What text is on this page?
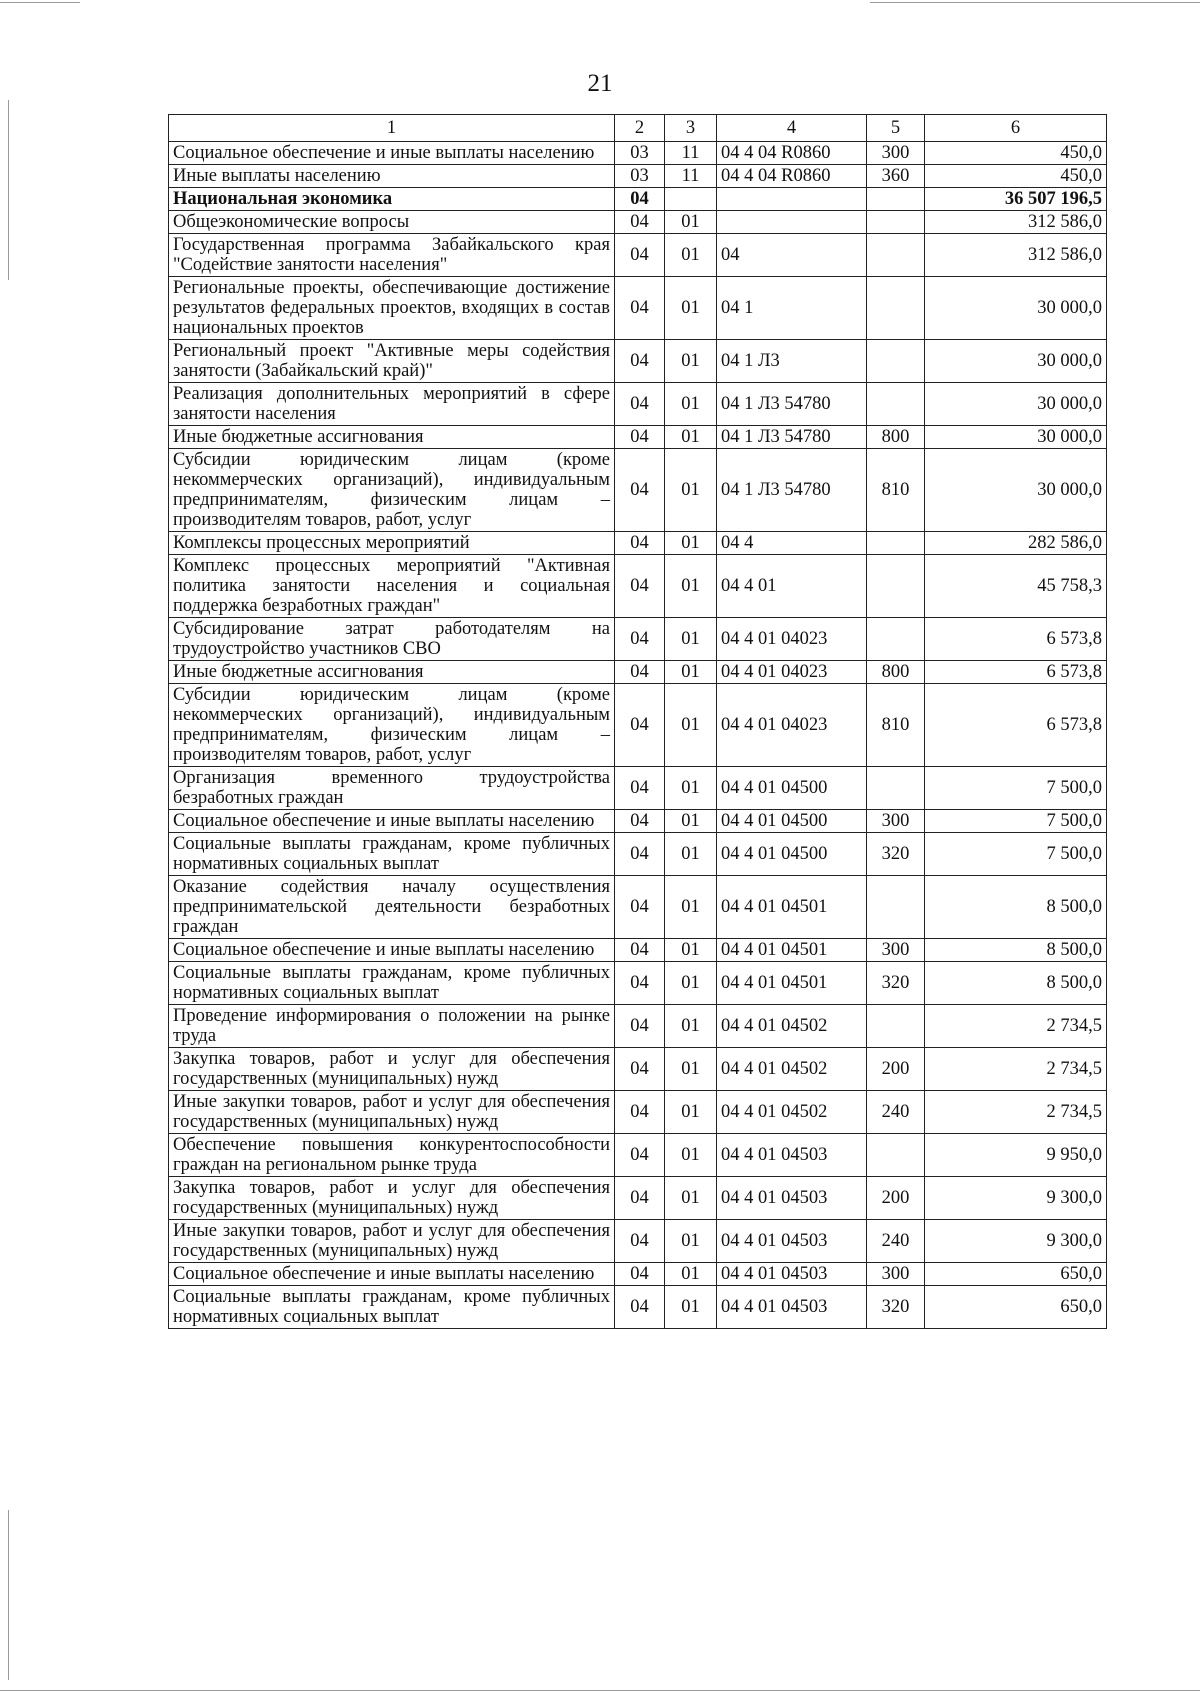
21
1	2	3	4	5	6
Социальное обеспечение и иные выплаты населению	03	11	04 4 04 R0860	300	450,0
Иные выплаты населению	03	11	04 4 04 R0860	360	450,0
Национальная экономика	04				36 507 196,5
Общеэкономические вопросы	04	01			312 586,0
Государственная программа Забайкальского края "Содействие занятости населения"	04	01	04		312 586,0
Региональные проекты, обеспечивающие достижение результатов федеральных проектов, входящих в состав национальных проектов	04	01	04 1		30 000,0
Региональный проект "Активные меры содействия занятости (Забайкальский край)"	04	01	04 1 Л3		30 000,0
Реализация дополнительных мероприятий в сфере занятости населения	04	01	04 1 Л3 54780		30 000,0
Иные бюджетные ассигнования	04	01	04 1 Л3 54780	800	30 000,0
Субсидии юридическим лицам (кроме некоммерческих организаций), индивидуальным предпринимателям, физическим лицам – производителям товаров, работ, услуг	04	01	04 1 Л3 54780	810	30 000,0
Комплексы процессных мероприятий	04	01	04 4		282 586,0
Комплекс процессных мероприятий "Активная политика занятости населения и социальная поддержка безработных граждан"	04	01	04 4 01		45 758,3
Субсидирование затрат работодателям на трудоустройство участников СВО	04	01	04 4 01 04023		6 573,8
Иные бюджетные ассигнования	04	01	04 4 01 04023	800	6 573,8
Субсидии юридическим лицам (кроме некоммерческих организаций), индивидуальным предпринимателям, физическим лицам – производителям товаров, работ, услуг	04	01	04 4 01 04023	810	6 573,8
Организация временного трудоустройства безработных граждан	04	01	04 4 01 04500		7 500,0
Социальное обеспечение и иные выплаты населению	04	01	04 4 01 04500	300	7 500,0
Социальные выплаты гражданам, кроме публичных нормативных социальных выплат	04	01	04 4 01 04500	320	7 500,0
Оказание содействия началу осуществления предпринимательской деятельности безработных граждан	04	01	04 4 01 04501		8 500,0
Социальное обеспечение и иные выплаты населению	04	01	04 4 01 04501	300	8 500,0
Социальные выплаты гражданам, кроме публичных нормативных социальных выплат	04	01	04 4 01 04501	320	8 500,0
Проведение информирования о положении на рынке труда	04	01	04 4 01 04502		2 734,5
Закупка товаров, работ и услуг для обеспечения государственных (муниципальных) нужд	04	01	04 4 01 04502	200	2 734,5
Иные закупки товаров, работ и услуг для обеспечения государственных (муниципальных) нужд	04	01	04 4 01 04502	240	2 734,5
Обеспечение повышения конкурентоспособности граждан на региональном рынке труда	04	01	04 4 01 04503		9 950,0
Закупка товаров, работ и услуг для обеспечения государственных (муниципальных) нужд	04	01	04 4 01 04503	200	9 300,0
Иные закупки товаров, работ и услуг для обеспечения государственных (муниципальных) нужд	04	01	04 4 01 04503	240	9 300,0
Социальное обеспечение и иные выплаты населению	04	01	04 4 01 04503	300	650,0
Социальные выплаты гражданам, кроме публичных нормативных социальных выплат	04	01	04 4 01 04503	320	650,0
